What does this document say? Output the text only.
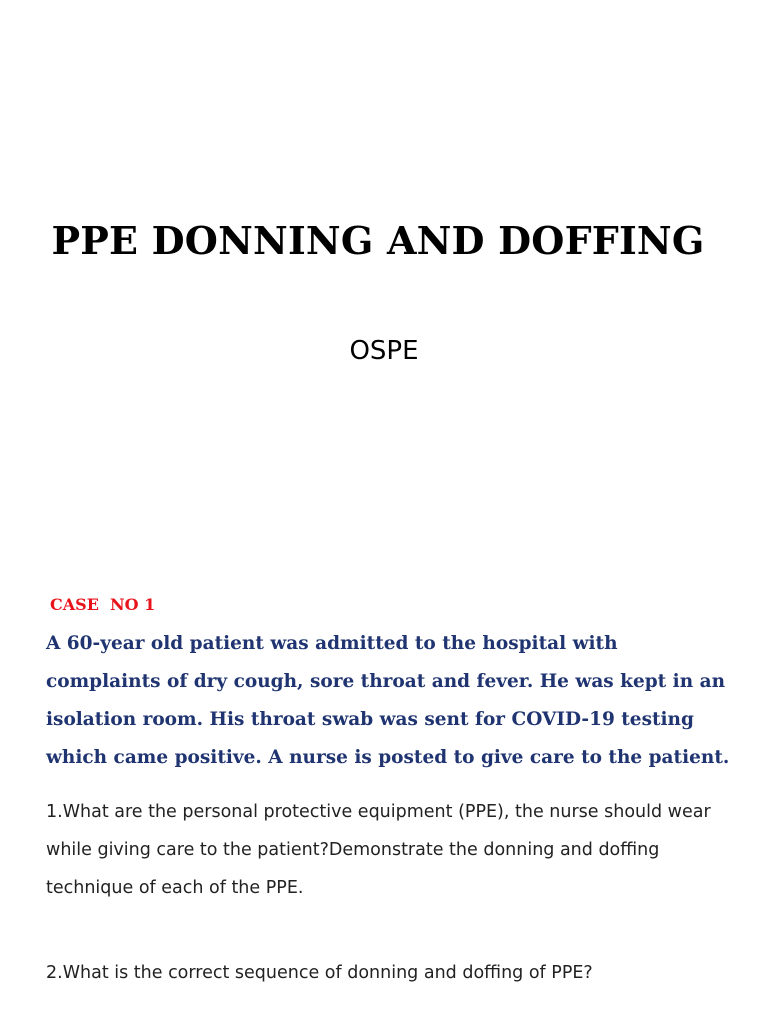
PPE DONNING AND DOFFING
OSPE
CASE  NO 1

A 60-year old patient was admitted to the hospital with complaints of dry cough, sore throat and fever. He was kept in an isolation room. His throat swab was sent for COVID-19 testing which came positive. A nurse is posted to give care to the patient.

1.What are the personal protective equipment (PPE), the nurse should wear while giving care to the patient?Demonstrate the donning and doffing technique of each of the PPE.

2.What is the correct sequence of donning and doffing of PPE?
